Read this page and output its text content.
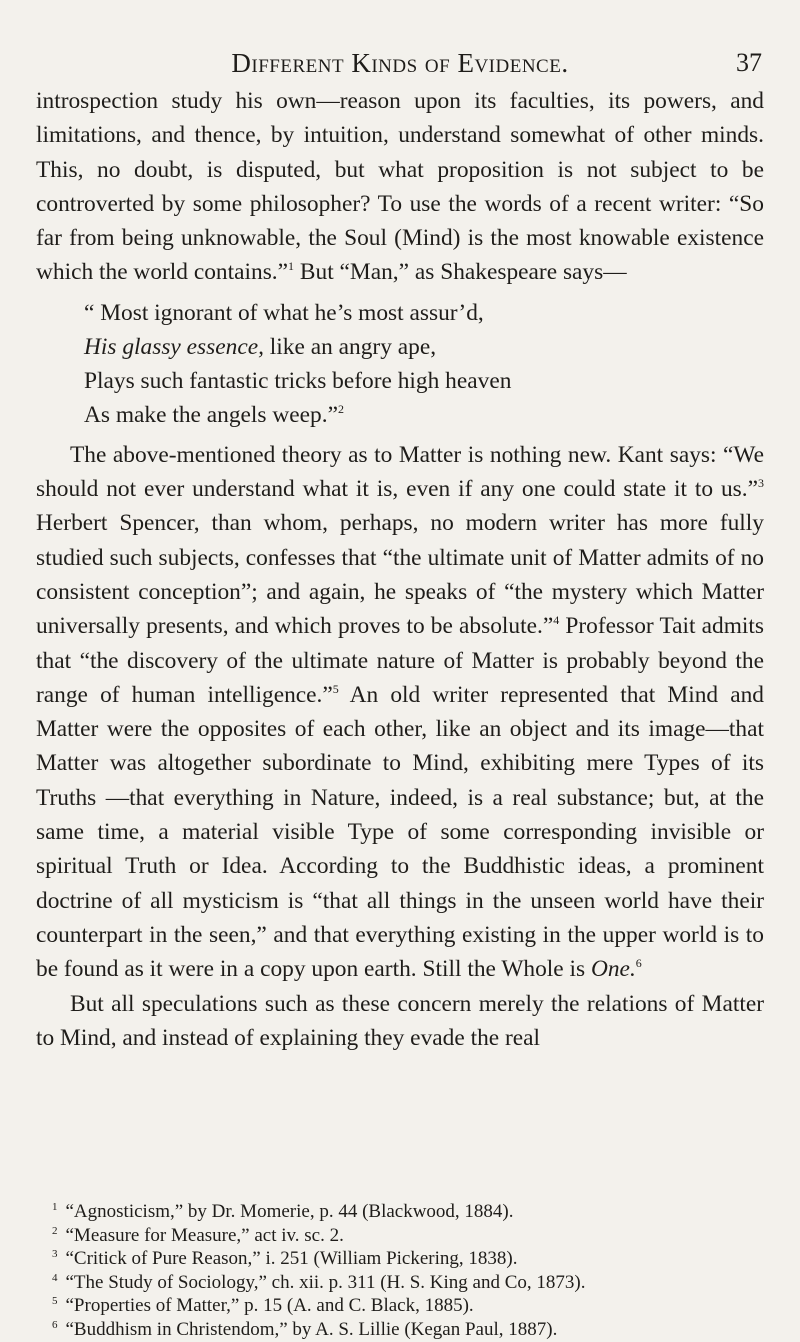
Different Kinds of Evidence.	37

introspection study his own—reason upon its faculties, its powers, and limitations, and thence, by intuition, understand somewhat of other minds. This, no doubt, is disputed, but what proposition is not subject to be controverted by some philosopher? To use the words of a recent writer: “So far from being unknowable, the Soul (Mind) is the most knowable existence which the world contains.”$^1$ But “Man,” as Shakespeare says—

“ Most ignorant of what he’s most assur’d,
His glassy essence, like an angry ape,
Plays such fantastic tricks before high heaven
As make the angels weep.”$^2$

The above-mentioned theory as to Matter is nothing new. Kant says: “We should not ever understand what it is, even if any one could state it to us.”$^3$ Herbert Spencer, than whom, perhaps, no modern writer has more fully studied such subjects, confesses that “the ultimate unit of Matter admits of no consistent conception”; and again, he speaks of “the mystery which Matter universally presents, and which proves to be absolute.”$^4$ Professor Tait admits that “the discovery of the ultimate nature of Matter is probably beyond the range of human intelligence.”$^5$ An old writer represented that Mind and Matter were the opposites of each other, like an object and its image—that Matter was altogether subordinate to Mind, exhibiting mere Types of its Truths —that everything in Nature, indeed, is a real substance; but, at the same time, a material visible Type of some corresponding invisible or spiritual Truth or Idea. According to the Buddhistic ideas, a prominent doctrine of all mysticism is “that all things in the unseen world have their counterpart in the seen,” and that everything existing in the upper world is to be found as it were in a copy upon earth. Still the Whole is One.$^6$

But all speculations such as these concern merely the relations of Matter to Mind, and instead of explaining they evade the real

$^1$ “Agnosticism,” by Dr. Momerie, p. 44 (Blackwood, 1884).
$^2$ “Measure for Measure,” act iv. sc. 2.
$^3$ “Critick of Pure Reason,” i. 251 (William Pickering, 1838).
$^4$ “The Study of Sociology,” ch. xii. p. 311 (H. S. King and Co, 1873).
$^5$ “Properties of Matter,” p. 15 (A. and C. Black, 1885).
$^6$ “Buddhism in Christendom,” by A. S. Lillie (Kegan Paul, 1887).
